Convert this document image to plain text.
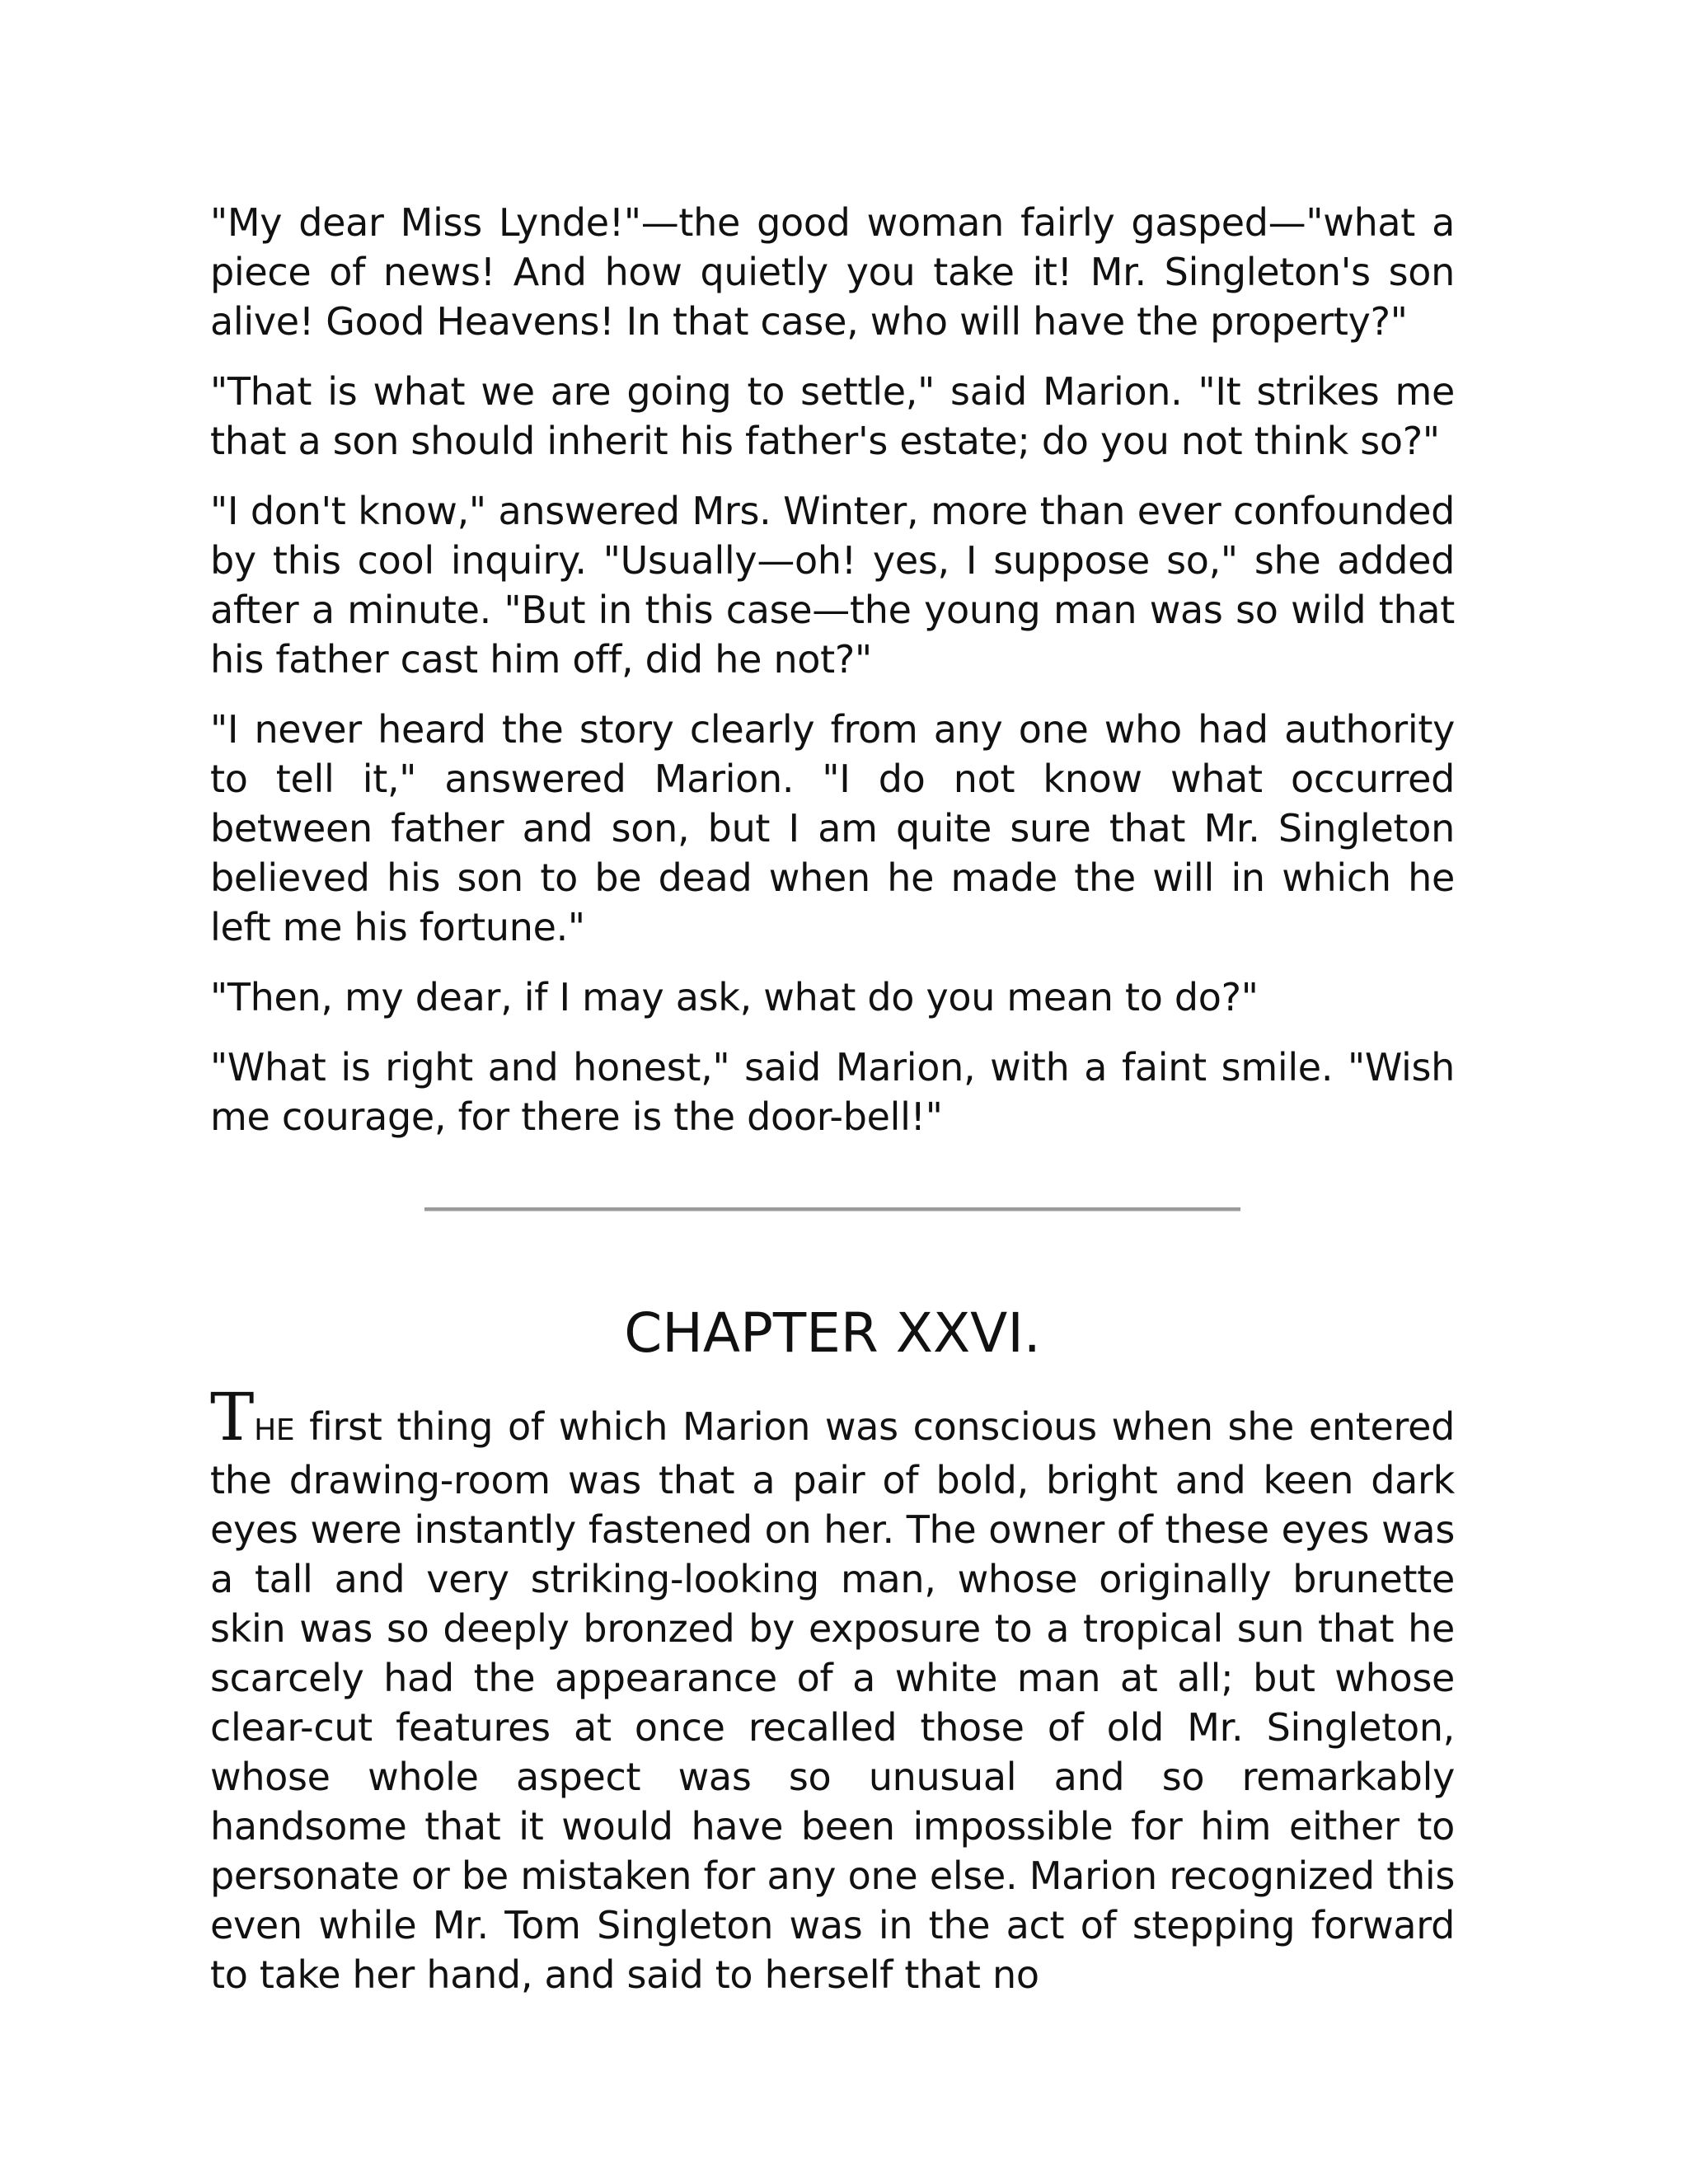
"My dear Miss Lynde!"—the good woman fairly gasped—"what a piece of news! And how quietly you take it! Mr. Singleton's son alive! Good Heavens! In that case, who will have the property?"

"That is what we are going to settle," said Marion. "It strikes me that a son should inherit his father's estate; do you not think so?"

"I don't know," answered Mrs. Winter, more than ever confounded by this cool inquiry. "Usually—oh! yes, I suppose so," she added after a minute. "But in this case—the young man was so wild that his father cast him off, did he not?"

"I never heard the story clearly from any one who had authority to tell it," answered Marion. "I do not know what occurred between father and son, but I am quite sure that Mr. Singleton believed his son to be dead when he made the will in which he left me his fortune."

"Then, my dear, if I may ask, what do you mean to do?"

"What is right and honest," said Marion, with a faint smile. "Wish me courage, for there is the door-bell!"

CHAPTER XXVI.

THE first thing of which Marion was conscious when she entered the drawing-room was that a pair of bold, bright and keen dark eyes were instantly fastened on her. The owner of these eyes was a tall and very striking-looking man, whose originally brunette skin was so deeply bronzed by exposure to a tropical sun that he scarcely had the appearance of a white man at all; but whose clear-cut features at once recalled those of old Mr. Singleton, whose whole aspect was so unusual and so remarkably handsome that it would have been impossible for him either to personate or be mistaken for any one else. Marion recognized this even while Mr. Tom Singleton was in the act of stepping forward to take her hand, and said to herself that no
